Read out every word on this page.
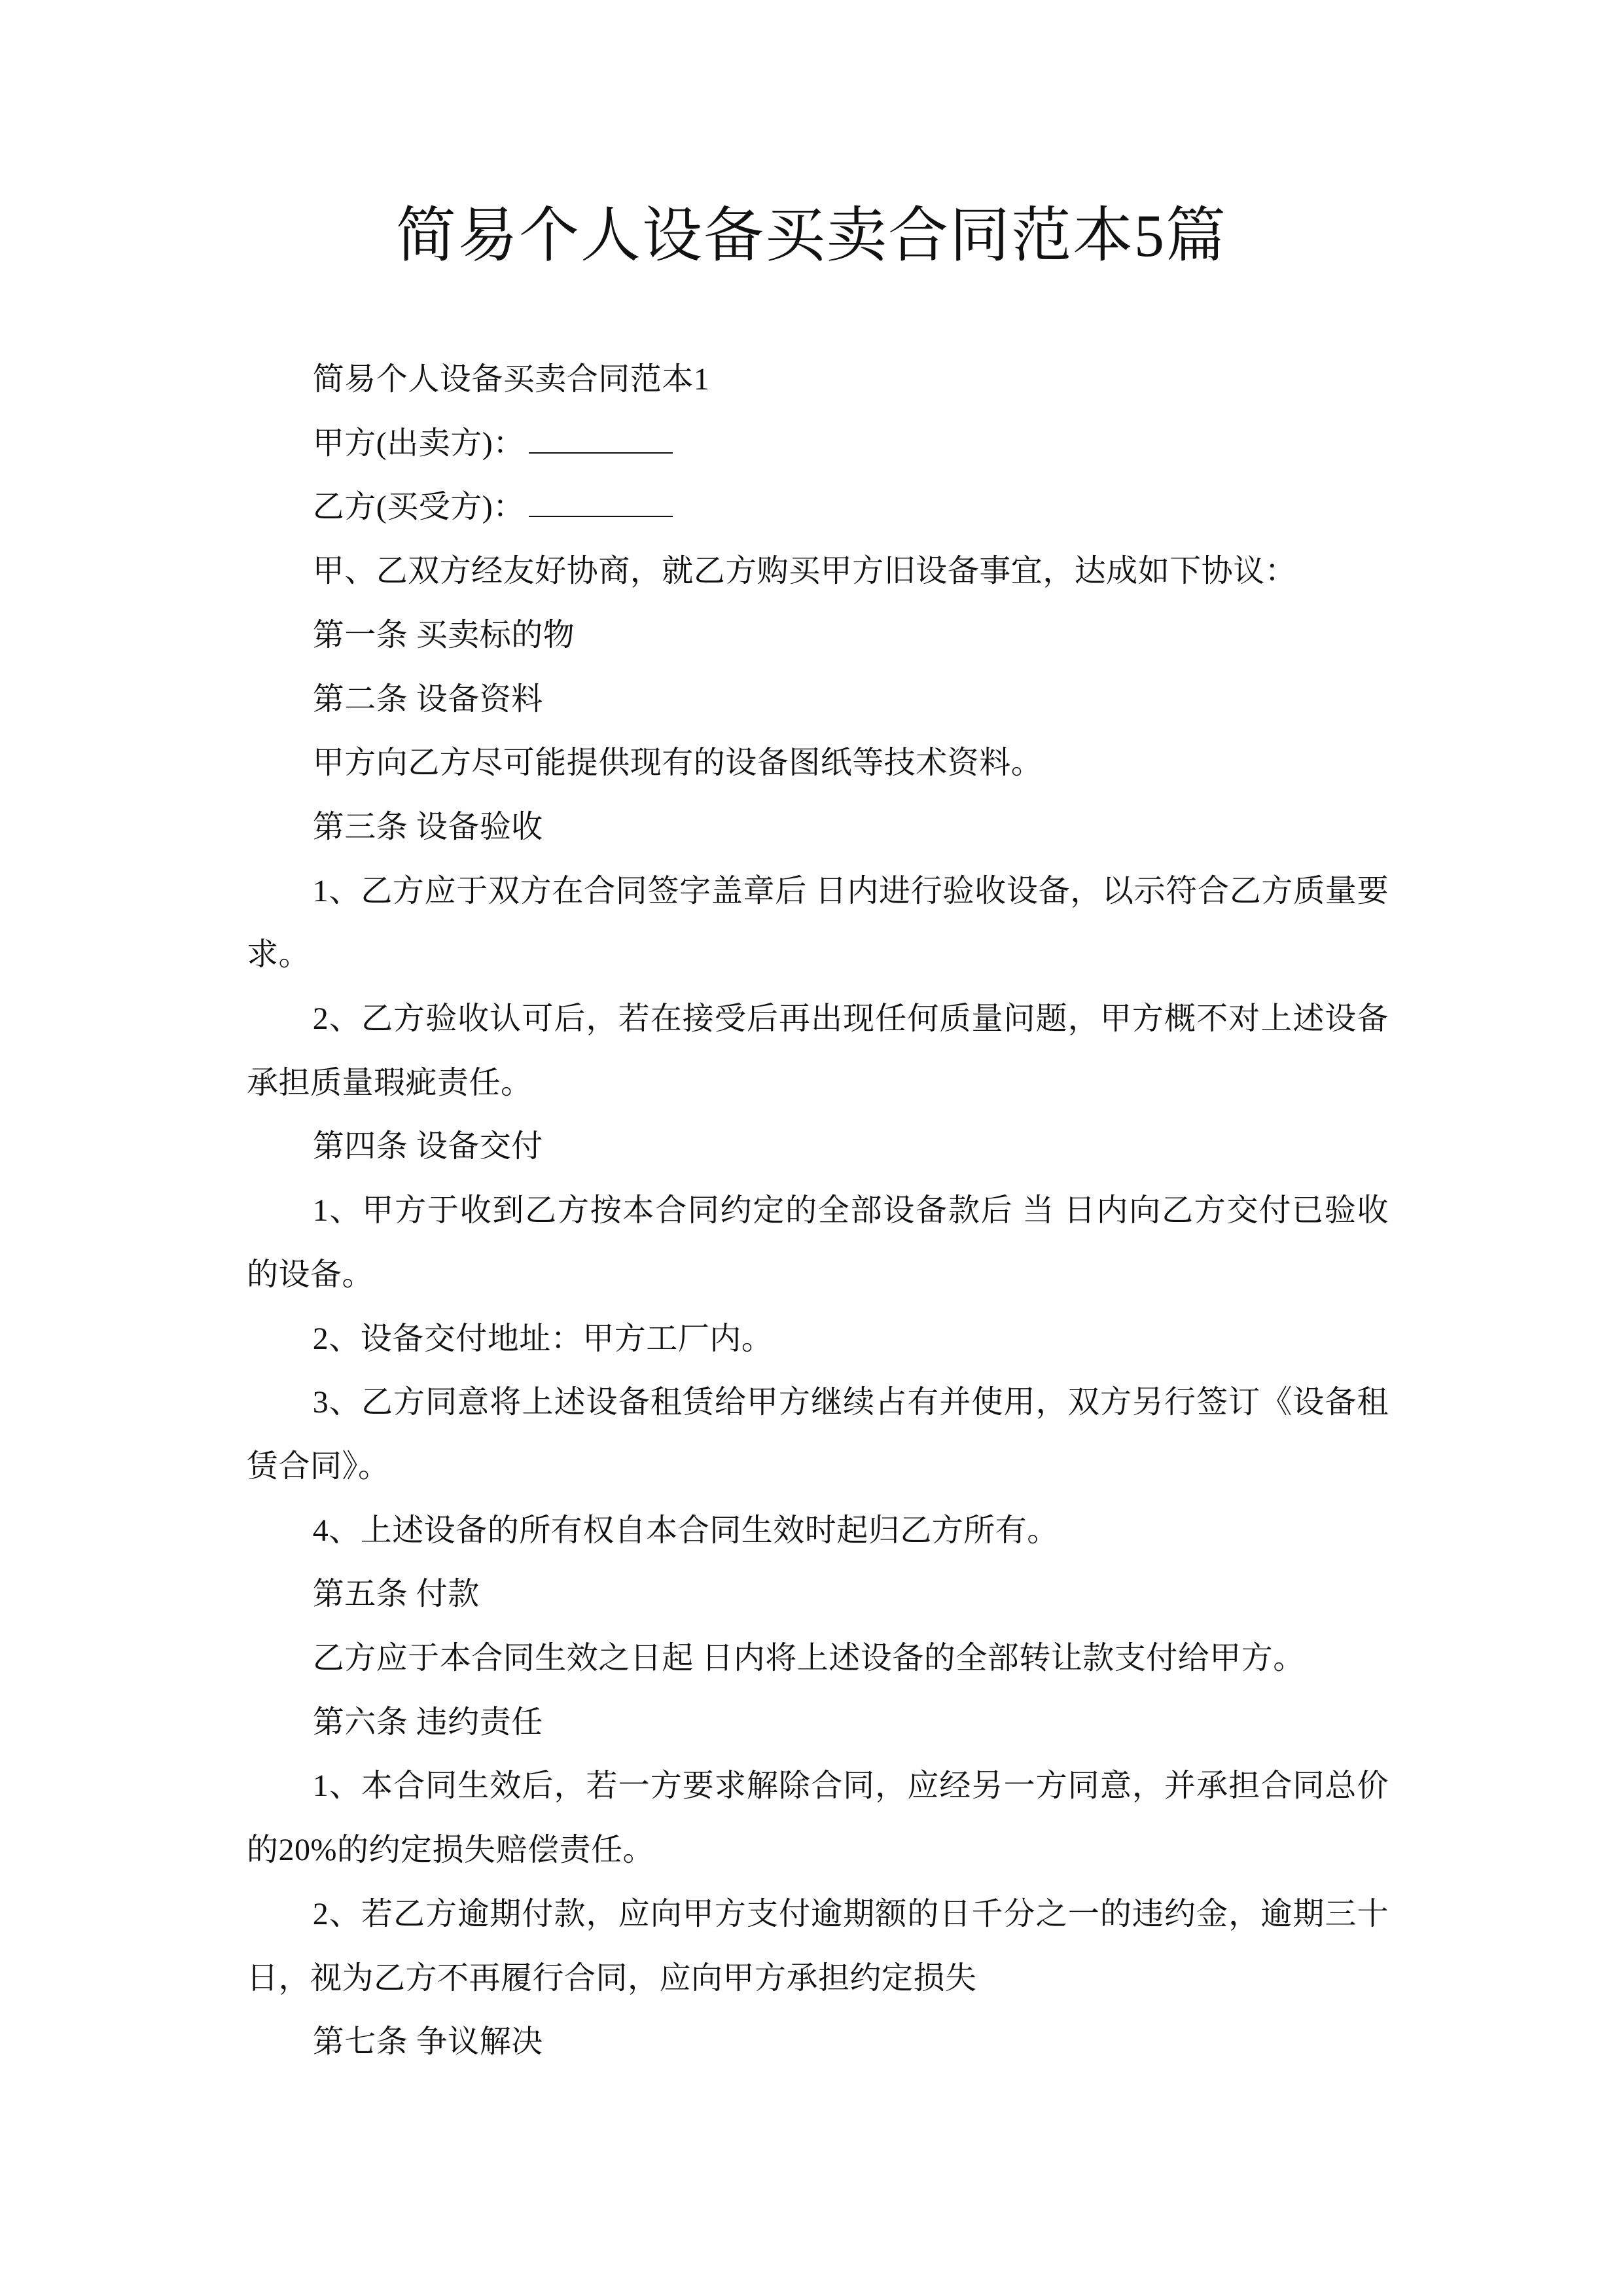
简易个人设备买卖合同范本5篇

简易个人设备买卖合同范本1

甲方(出卖方)：

乙方(买受方)：

甲、乙双方经友好协商，就乙方购买甲方旧设备事宜，达成如下协议：

第一条 买卖标的物

第二条 设备资料

甲方向乙方尽可能提供现有的设备图纸等技术资料。

第三条 设备验收

1、乙方应于双方在合同签字盖章后 日内进行验收设备，以示符合乙方质量要求。

2、乙方验收认可后，若在接受后再出现任何质量问题，甲方概不对上述设备承担质量瑕疵责任。

第四条 设备交付

1、甲方于收到乙方按本合同约定的全部设备款后 当 日内向乙方交付已验收的设备。

2、设备交付地址：甲方工厂内。

3、乙方同意将上述设备租赁给甲方继续占有并使用，双方另行签订《设备租赁合同》。

4、上述设备的所有权自本合同生效时起归乙方所有。

第五条 付款

乙方应于本合同生效之日起 日内将上述设备的全部转让款支付给甲方。

第六条 违约责任

1、本合同生效后，若一方要求解除合同，应经另一方同意，并承担合同总价的20%的约定损失赔偿责任。

2、若乙方逾期付款，应向甲方支付逾期额的日千分之一的违约金，逾期三十日，视为乙方不再履行合同，应向甲方承担约定损失

第七条 争议解决
